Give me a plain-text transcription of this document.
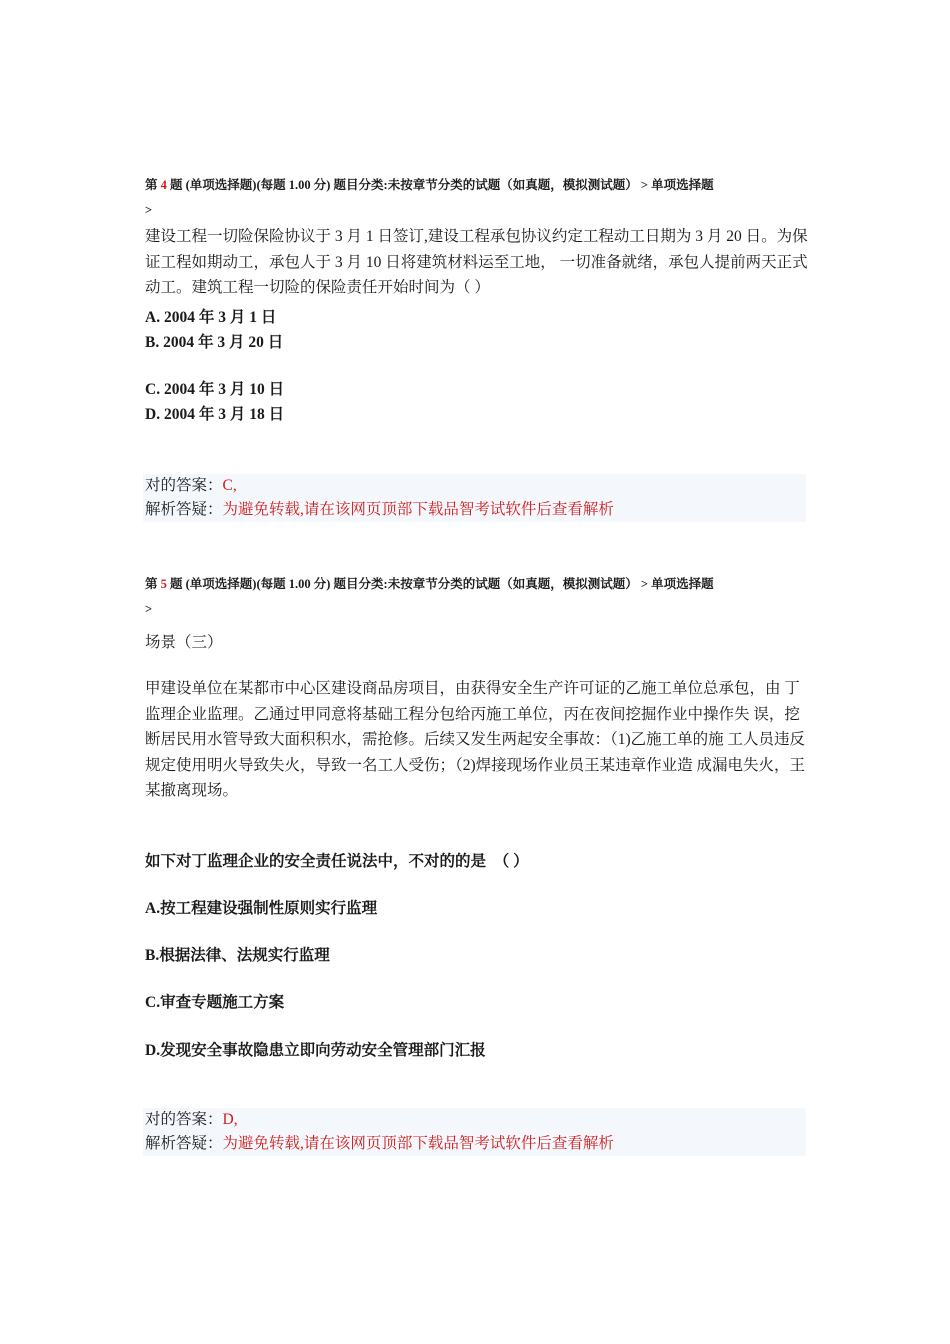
第 4 题 (单项选择题)(每题 1.00 分) 题目分类:未按章节分类的试题（如真题，模拟测试题） > 单项选择题
>
建设工程一切险保险协议于 3 月 1 日签订,建设工程承包协议约定工程动工日期为 3 月 20 日。为保证工程如期动工，承包人于 3 月 10 日将建筑材料运至工地， 一切准备就绪，承包人提前两天正式动工。建筑工程一切险的保险责任开始时间为（ ）
A. 2004 年 3 月 1 日
B. 2004 年 3 月 20 日
C. 2004 年 3 月 10 日
D. 2004 年 3 月 18 日
对的答案：C,
解析答疑：为避免转载,请在该网页顶部下载品智考试软件后查看解析
第 5 题 (单项选择题)(每题 1.00 分) 题目分类:未按章节分类的试题（如真题，模拟测试题） > 单项选择题
>
场景（三）
甲建设单位在某都市中心区建设商品房项目，由获得安全生产许可证的乙施工单位总承包，由 丁监理企业监理。乙通过甲同意将基础工程分包给丙施工单位，丙在夜间挖掘作业中操作失 误，挖断居民用水管导致大面积积水，需抢修。后续又发生两起安全事故：（1)乙施工单的施 工人员违反规定使用明火导致失火，导致一名工人受伤；（2)焊接现场作业员王某违章作业造 成漏电失火，王某撤离现场。
如下对丁监理企业的安全责任说法中，不对的的是　（ ）
A.按工程建设强制性原则实行监理
B.根据法律、法规实行监理
C.审查专题施工方案
D.发现安全事故隐患立即向劳动安全管理部门汇报
对的答案：D,
解析答疑：为避免转载,请在该网页顶部下载品智考试软件后查看解析
